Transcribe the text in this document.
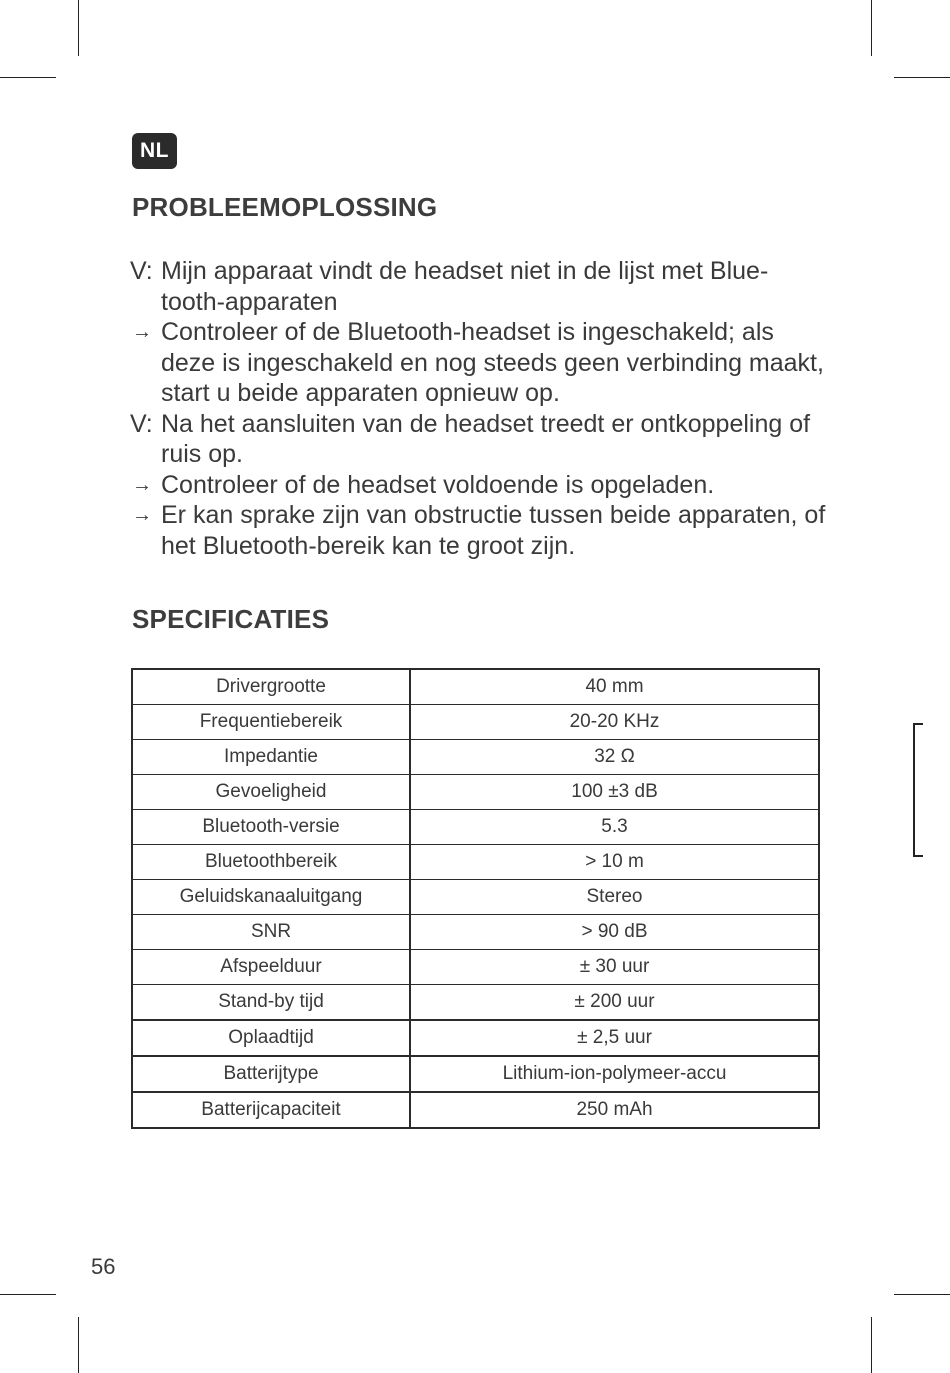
NL
PROBLEEMOPLOSSING
V: Mijn apparaat vindt de headset niet in de lijst met Blue-tooth-apparaten
→ Controleer of de Bluetooth-headset is ingeschakeld; als deze is ingeschakeld en nog steeds geen verbinding maakt, start u beide apparaten opnieuw op.
V: Na het aansluiten van de headset treedt er ontkoppeling of ruis op.
→ Controleer of de headset voldoende is opgeladen.
→ Er kan sprake zijn van obstructie tussen beide apparaten, of het Bluetooth-bereik kan te groot zijn.
SPECIFICATIES
Drivergrootte	40 mm
Frequentiebereik	20-20 KHz
Impedantie	32 Ω
Gevoeligheid	100 ±3 dB
Bluetooth-versie	5.3
Bluetoothbereik	> 10 m
Geluidskanaaluitgang	Stereo
SNR	> 90 dB
Afspeelduur	± 30 uur
Stand-by tijd	± 200 uur
Oplaadtijd	± 2,5 uur
Batterijtype	Lithium-ion-polymeer-accu
Batterijcapaciteit	250 mAh
56
